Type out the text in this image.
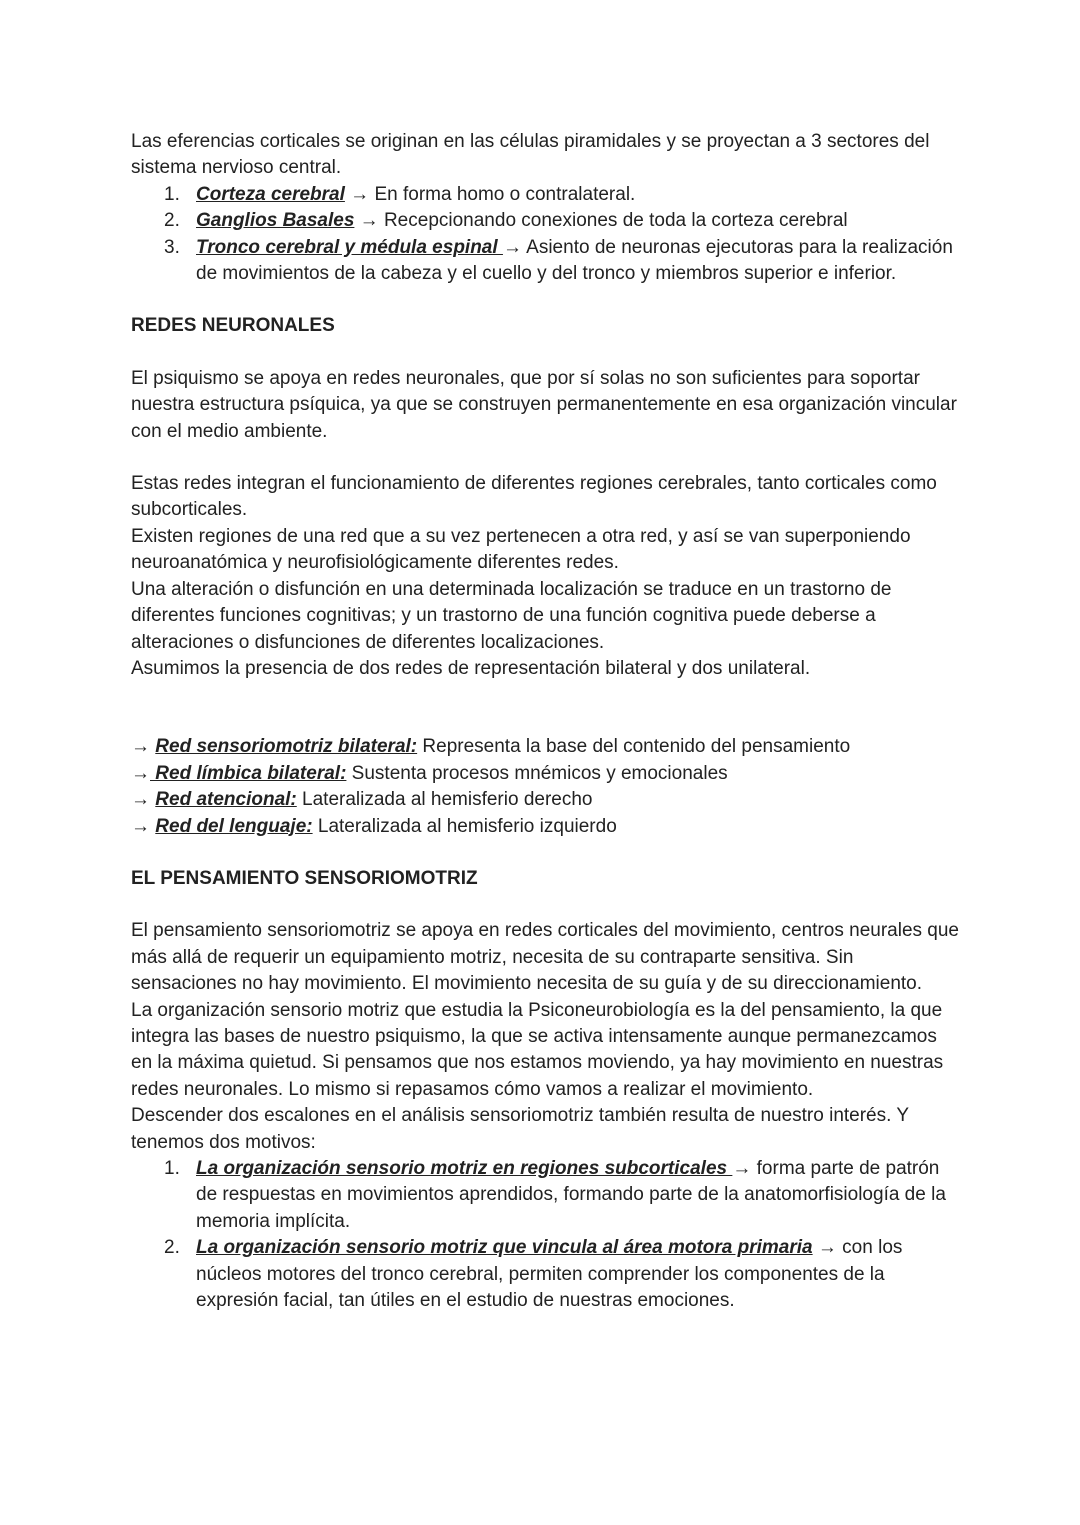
Las eferencias corticales se originan en las células piramidales y se proyectan a 3 sectores del sistema nervioso central.

1. Corteza cerebral → En forma homo o contralateral.
2. Ganglios Basales → Recepcionando conexiones de toda la corteza cerebral
3. Tronco cerebral y médula espinal → Asiento de neuronas ejecutoras para la realización de movimientos de la cabeza y el cuello y del tronco y miembros superior e inferior.

REDES NEURONALES

El psiquismo se apoya en redes neuronales, que por sí solas no son suficientes para soportar nuestra estructura psíquica, ya que se construyen permanentemente en esa organización vincular con el medio ambiente.

Estas redes integran el funcionamiento de diferentes regiones cerebrales, tanto corticales como subcorticales.

Existen regiones de una red que a su vez pertenecen a otra red, y así se van superponiendo neuroanatómica y neurofisiológicamente diferentes redes.

Una alteración o disfunción en una determinada localización se traduce en un trastorno de diferentes funciones cognitivas; y un trastorno de una función cognitiva puede deberse a alteraciones o disfunciones de diferentes localizaciones.

Asumimos la presencia de dos redes de representación bilateral y dos unilateral.

→ Red sensoriomotriz bilateral: Representa la base del contenido del pensamiento

→ Red límbica bilateral: Sustenta procesos mnémicos y emocionales

→ Red atencional: Lateralizada al hemisferio derecho

→ Red del lenguaje: Lateralizada al hemisferio izquierdo

EL PENSAMIENTO SENSORIOMOTRIZ

El pensamiento sensoriomotriz se apoya en redes corticales del movimiento, centros neurales que más allá de requerir un equipamiento motriz, necesita de su contraparte sensitiva. Sin sensaciones no hay movimiento. El movimiento necesita de su guía y de su direccionamiento.

La organización sensorio motriz que estudia la Psiconeurobiología es la del pensamiento, la que integra las bases de nuestro psiquismo, la que se activa intensamente aunque permanezcamos en la máxima quietud. Si pensamos que nos estamos moviendo, ya hay movimiento en nuestras redes neuronales. Lo mismo si repasamos cómo vamos a realizar el movimiento.

Descender dos escalones en el análisis sensoriomotriz también resulta de nuestro interés. Y tenemos dos motivos:

1. La organización sensorio motriz en regiones subcorticales → forma parte de patrón de respuestas en movimientos aprendidos, formando parte de la anatomorfisiología de la memoria implícita.
2. La organización sensorio motriz que vincula al área motora primaria → con los núcleos motores del tronco cerebral, permiten comprender los componentes de la expresión facial, tan útiles en el estudio de nuestras emociones.
